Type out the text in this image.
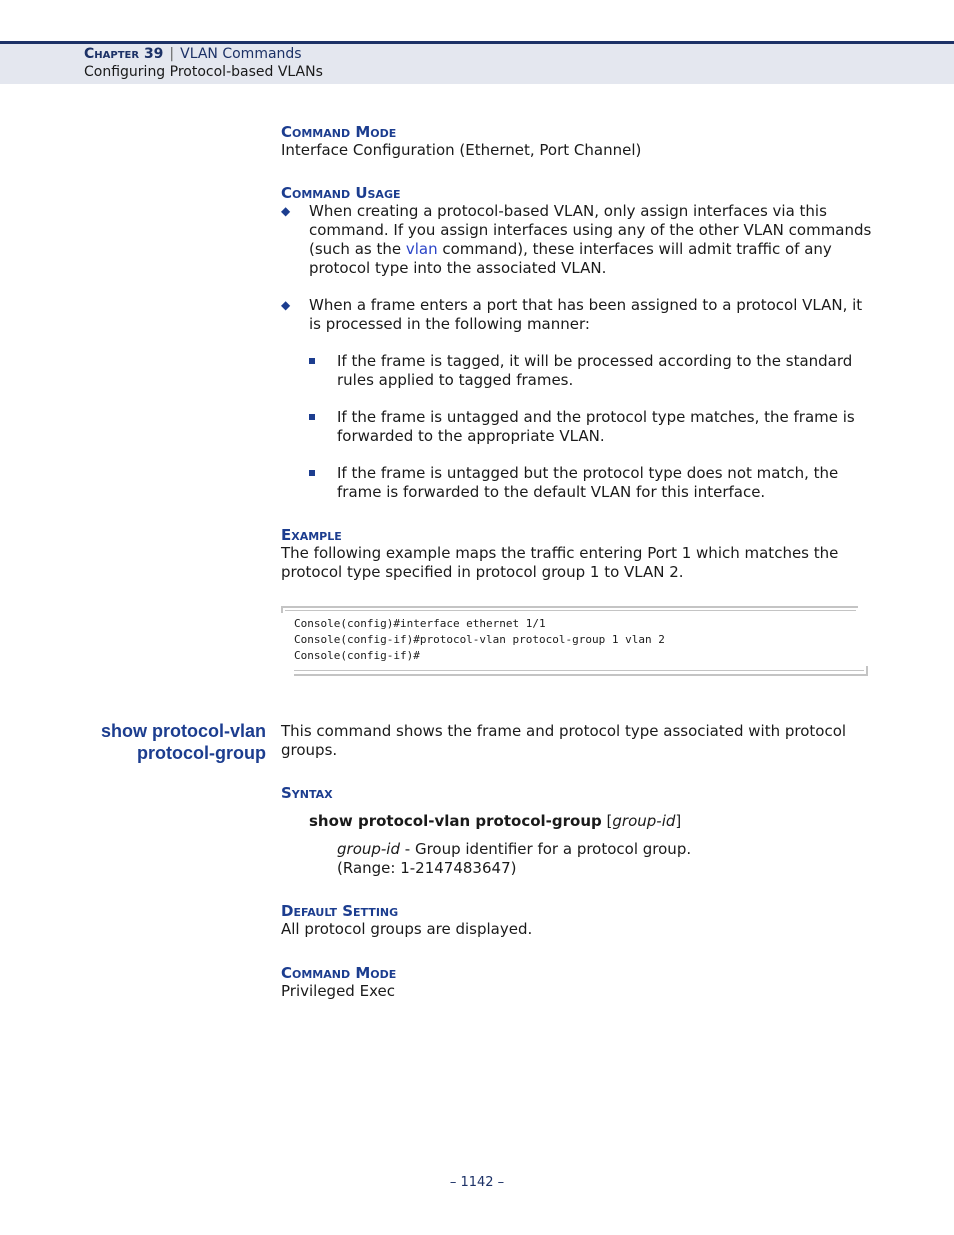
Chapter 39 | VLAN Commands
Configuring Protocol-based VLANs
Command Mode
Interface Configuration (Ethernet, Port Channel)
Command Usage
◆ When creating a protocol-based VLAN, only assign interfaces via this command. If you assign interfaces using any of the other VLAN commands (such as the vlan command), these interfaces will admit traffic of any protocol type into the associated VLAN.
◆ When a frame enters a port that has been assigned to a protocol VLAN, it is processed in the following manner:
If the frame is tagged, it will be processed according to the standard rules applied to tagged frames.
If the frame is untagged and the protocol type matches, the frame is forwarded to the appropriate VLAN.
If the frame is untagged but the protocol type does not match, the frame is forwarded to the default VLAN for this interface.
Example
The following example maps the traffic entering Port 1 which matches the protocol type specified in protocol group 1 to VLAN 2.
Console(config)#interface ethernet 1/1
Console(config-if)#protocol-vlan protocol-group 1 vlan 2
Console(config-if)#
show protocol-vlan
protocol-group
This command shows the frame and protocol type associated with protocol groups.
Syntax
show protocol-vlan protocol-group [group-id]
group-id - Group identifier for a protocol group.
(Range: 1-2147483647)
Default Setting
All protocol groups are displayed.
Command Mode
Privileged Exec
– 1142 –
